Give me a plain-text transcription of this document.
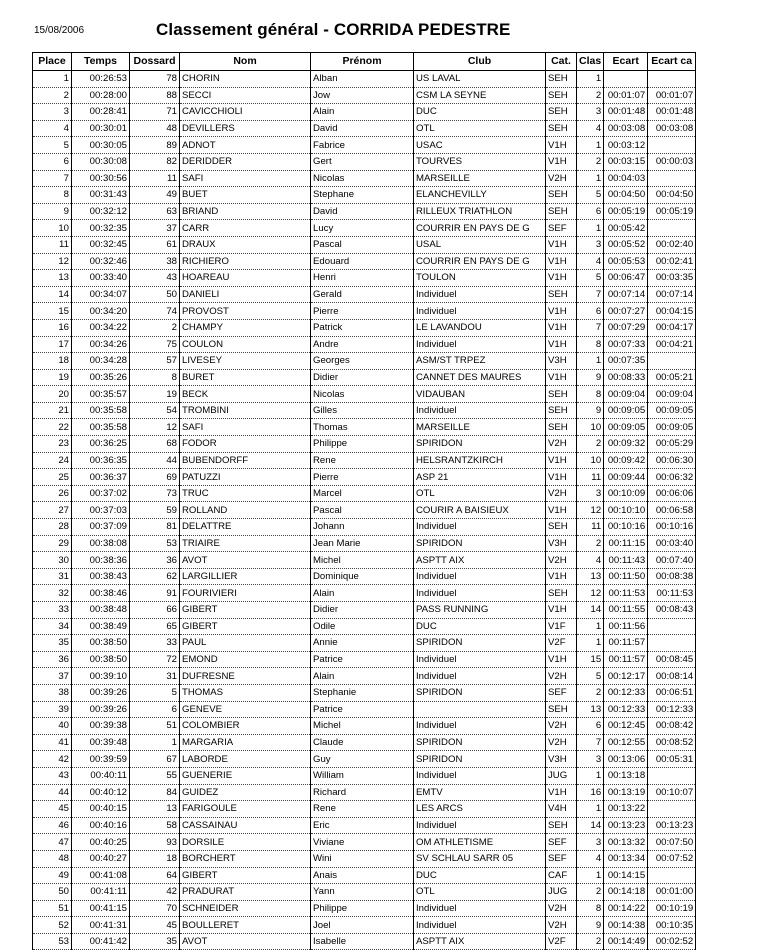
15/08/2006	Classement général - CORRIDA PEDESTRE
Place	Temps	Dossard	Nom	Prénom	Club	Cat.	Clas	Ecart	Ecart ca
1	00:26:53	78	CHORIN	Alban	US LAVAL	SEH	1		
2	00:28:00	88	SECCI	Jow	CSM LA SEYNE	SEH	2	00:01:07	00:01:07
3	00:28:41	71	CAVICCHIOLI	Alain	DUC	SEH	3	00:01:48	00:01:48
4	00:30:01	48	DEVILLERS	David	OTL	SEH	4	00:03:08	00:03:08
5	00:30:05	89	ADNOT	Fabrice	USAC	V1H	1	00:03:12	
6	00:30:08	82	DERIDDER	Gert	TOURVES	V1H	2	00:03:15	00:00:03
7	00:30:56	11	SAFI	Nicolas	MARSEILLE	V2H	1	00:04:03	
8	00:31:43	49	BUET	Stephane	ELANCHEVILLY	SEH	5	00:04:50	00:04:50
9	00:32:12	63	BRIAND	David	RILLEUX TRIATHLON	SEH	6	00:05:19	00:05:19
10	00:32:35	37	CARR	Lucy	COURRIR EN PAYS DE G	SEF	1	00:05:42	
11	00:32:45	61	DRAUX	Pascal	USAL	V1H	3	00:05:52	00:02:40
12	00:32:46	38	RICHIERO	Edouard	COURRIR EN PAYS DE G	V1H	4	00:05:53	00:02:41
13	00:33:40	43	HOAREAU	Henri	TOULON	V1H	5	00:06:47	00:03:35
14	00:34:07	50	DANIELI	Gerald	Individuel	SEH	7	00:07:14	00:07:14
15	00:34:20	74	PROVOST	Pierre	Individuel	V1H	6	00:07:27	00:04:15
16	00:34:22	2	CHAMPY	Patrick	LE LAVANDOU	V1H	7	00:07:29	00:04:17
17	00:34:26	75	COULON	Andre	Individuel	V1H	8	00:07:33	00:04:21
18	00:34:28	57	LIVESEY	Georges	ASM/ST TRPEZ	V3H	1	00:07:35	
19	00:35:26	8	BURET	Didier	CANNET DES MAURES	V1H	9	00:08:33	00:05:21
20	00:35:57	19	BECK	Nicolas	VIDAUBAN	SEH	8	00:09:04	00:09:04
21	00:35:58	54	TROMBINI	Gilles	Individuel	SEH	9	00:09:05	00:09:05
22	00:35:58	12	SAFI	Thomas	MARSEILLE	SEH	10	00:09:05	00:09:05
23	00:36:25	68	FODOR	Philippe	SPIRIDON	V2H	2	00:09:32	00:05:29
24	00:36:35	44	BUBENDORFF	Rene	HELSRANTZKIRCH	V1H	10	00:09:42	00:06:30
25	00:36:37	69	PATUZZI	Pierre	ASP 21	V1H	11	00:09:44	00:06:32
26	00:37:02	73	TRUC	Marcel	OTL	V2H	3	00:10:09	00:06:06
27	00:37:03	59	ROLLAND	Pascal	COURIR A BAISIEUX	V1H	12	00:10:10	00:06:58
28	00:37:09	81	DELATTRE	Johann	Individuel	SEH	11	00:10:16	00:10:16
29	00:38:08	53	TRIAIRE	Jean Marie	SPIRIDON	V3H	2	00:11:15	00:03:40
30	00:38:36	36	AVOT	Michel	ASPTT AIX	V2H	4	00:11:43	00:07:40
31	00:38:43	62	LARGILLIER	Dominique	Individuel	V1H	13	00:11:50	00:08:38
32	00:38:46	91	FOURIVIERI	Alain	Individuel	SEH	12	00:11:53	00:11:53
33	00:38:48	66	GIBERT	Didier	PASS RUNNING	V1H	14	00:11:55	00:08:43
34	00:38:49	65	GIBERT	Odile	DUC	V1F	1	00:11:56	
35	00:38:50	33	PAUL	Annie	SPIRIDON	V2F	1	00:11:57	
36	00:38:50	72	EMOND	Patrice	Individuel	V1H	15	00:11:57	00:08:45
37	00:39:10	31	DUFRESNE	Alain	Individuel	V2H	5	00:12:17	00:08:14
38	00:39:26	5	THOMAS	Stephanie	SPIRIDON	SEF	2	00:12:33	00:06:51
39	00:39:26	6	GENEVE	Patrice		SEH	13	00:12:33	00:12:33
40	00:39:38	51	COLOMBIER	Michel	Individuel	V2H	6	00:12:45	00:08:42
41	00:39:48	1	MARGARIA	Claude	SPIRIDON	V2H	7	00:12:55	00:08:52
42	00:39:59	67	LABORDE	Guy	SPIRIDON	V3H	3	00:13:06	00:05:31
43	00:40:11	55	GUENERIE	William	Individuel	JUG	1	00:13:18	
44	00:40:12	84	GUIDEZ	Richard	EMTV	V1H	16	00:13:19	00:10:07
45	00:40:15	13	FARIGOULE	Rene	LES ARCS	V4H	1	00:13:22	
46	00:40:16	58	CASSAINAU	Eric	Individuel	SEH	14	00:13:23	00:13:23
47	00:40:25	93	DORSILE	Viviane	OM ATHLETISME	SEF	3	00:13:32	00:07:50
48	00:40:27	18	BORCHERT	Wini	SV SCHLAU SARR 05	SEF	4	00:13:34	00:07:52
49	00:41:08	64	GIBERT	Anais	DUC	CAF	1	00:14:15	
50	00:41:11	42	PRADURAT	Yann	OTL	JUG	2	00:14:18	00:01:00
51	00:41:15	70	SCHNEIDER	Philippe	Individuel	V2H	8	00:14:22	00:10:19
52	00:41:31	45	BOULLERET	Joel	Individuel	V2H	9	00:14:38	00:10:35
53	00:41:42	35	AVOT	Isabelle	ASPTT AIX	V2F	2	00:14:49	00:02:52
